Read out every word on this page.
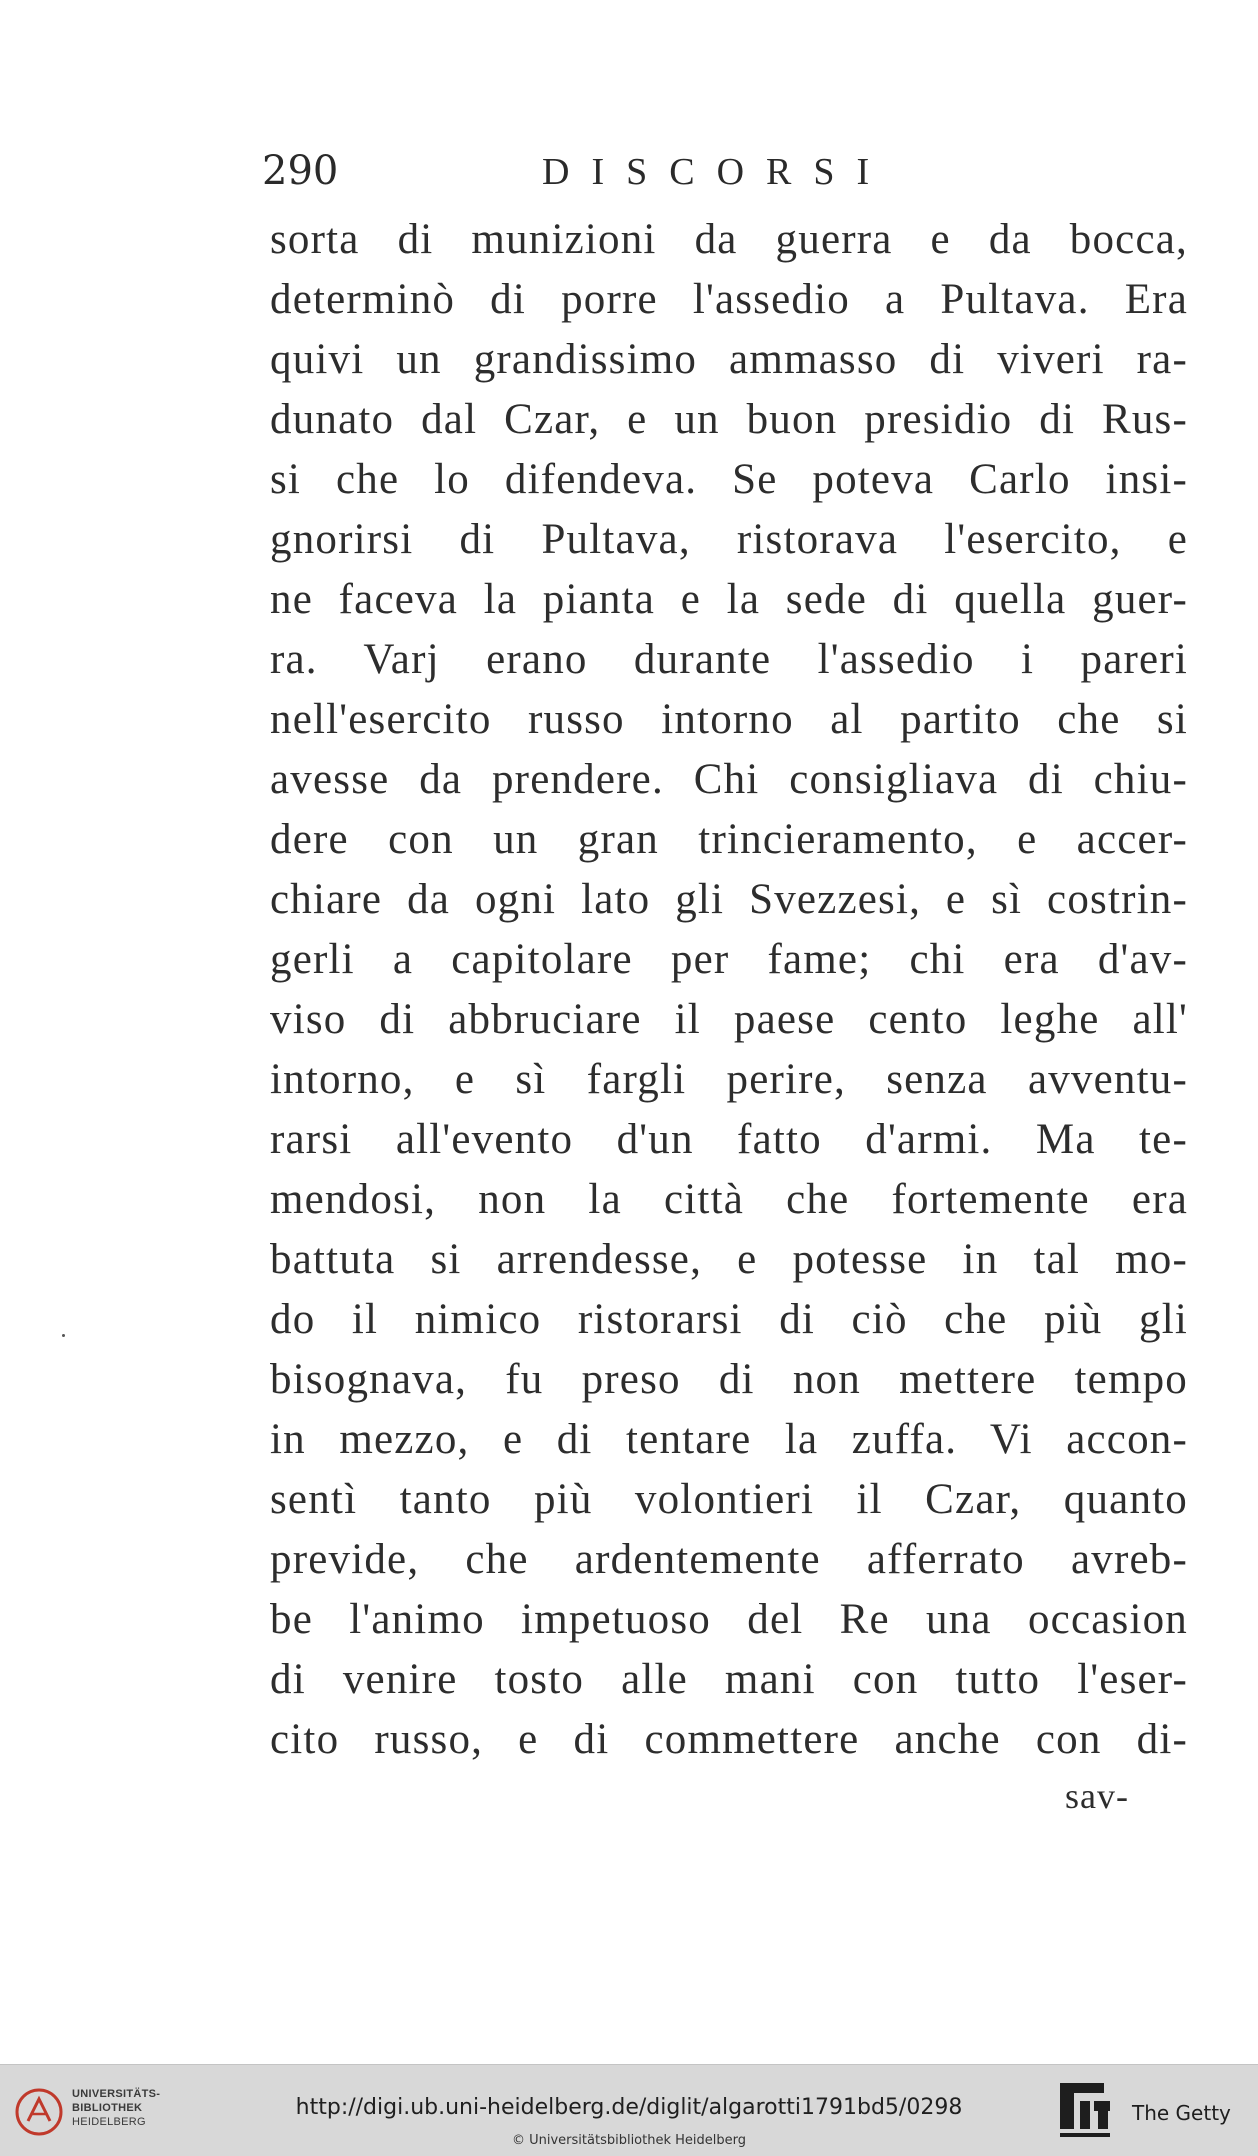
290	DISCORSI
sorta di munizioni da guerra e da bocca,
determinò di porre l'assedio a Pultava. Era
quivi un grandissimo ammasso di viveri ra-
dunato dal Czar, e un buon presidio di Rus-
si che lo difendeva. Se poteva Carlo insi-
gnorirsi di Pultava, ristorava l'esercito, e
ne faceva la pianta e la sede di quella guer-
ra. Varj erano durante l'assedio i pareri
nell'esercito russo intorno al partito che si
avesse da prendere. Chi consigliava di chiu-
dere con un gran trincieramento, e accer-
chiare da ogni lato gli Svezzesi, e sì costrin-
gerli a capitolare per fame; chi era d'av-
viso di abbruciare il paese cento leghe all'
intorno, e sì fargli perire, senza avventu-
rarsi all'evento d'un fatto d'armi. Ma te-
mendosi, non la città che fortemente era
battuta si arrendesse, e potesse in tal mo-
do il nimico ristorarsi di ciò che più gli
bisognava, fu preso di non mettere tempo
in mezzo, e di tentare la zuffa. Vi accon-
sentì tanto più volontieri il Czar, quanto
previde, che ardentemente afferrato avreb-
be l'animo impetuoso del Re una occasion
di venire tosto alle mani con tutto l'eser-
cito russo, e di commettere anche con di-
sav-
UNIVERSITÄTS-
BIBLIOTHEK
HEIDELBERG
http://digi.ub.uni-heidelberg.de/diglit/algarotti1791bd5/0298
© Universitätsbibliothek Heidelberg
The Getty
